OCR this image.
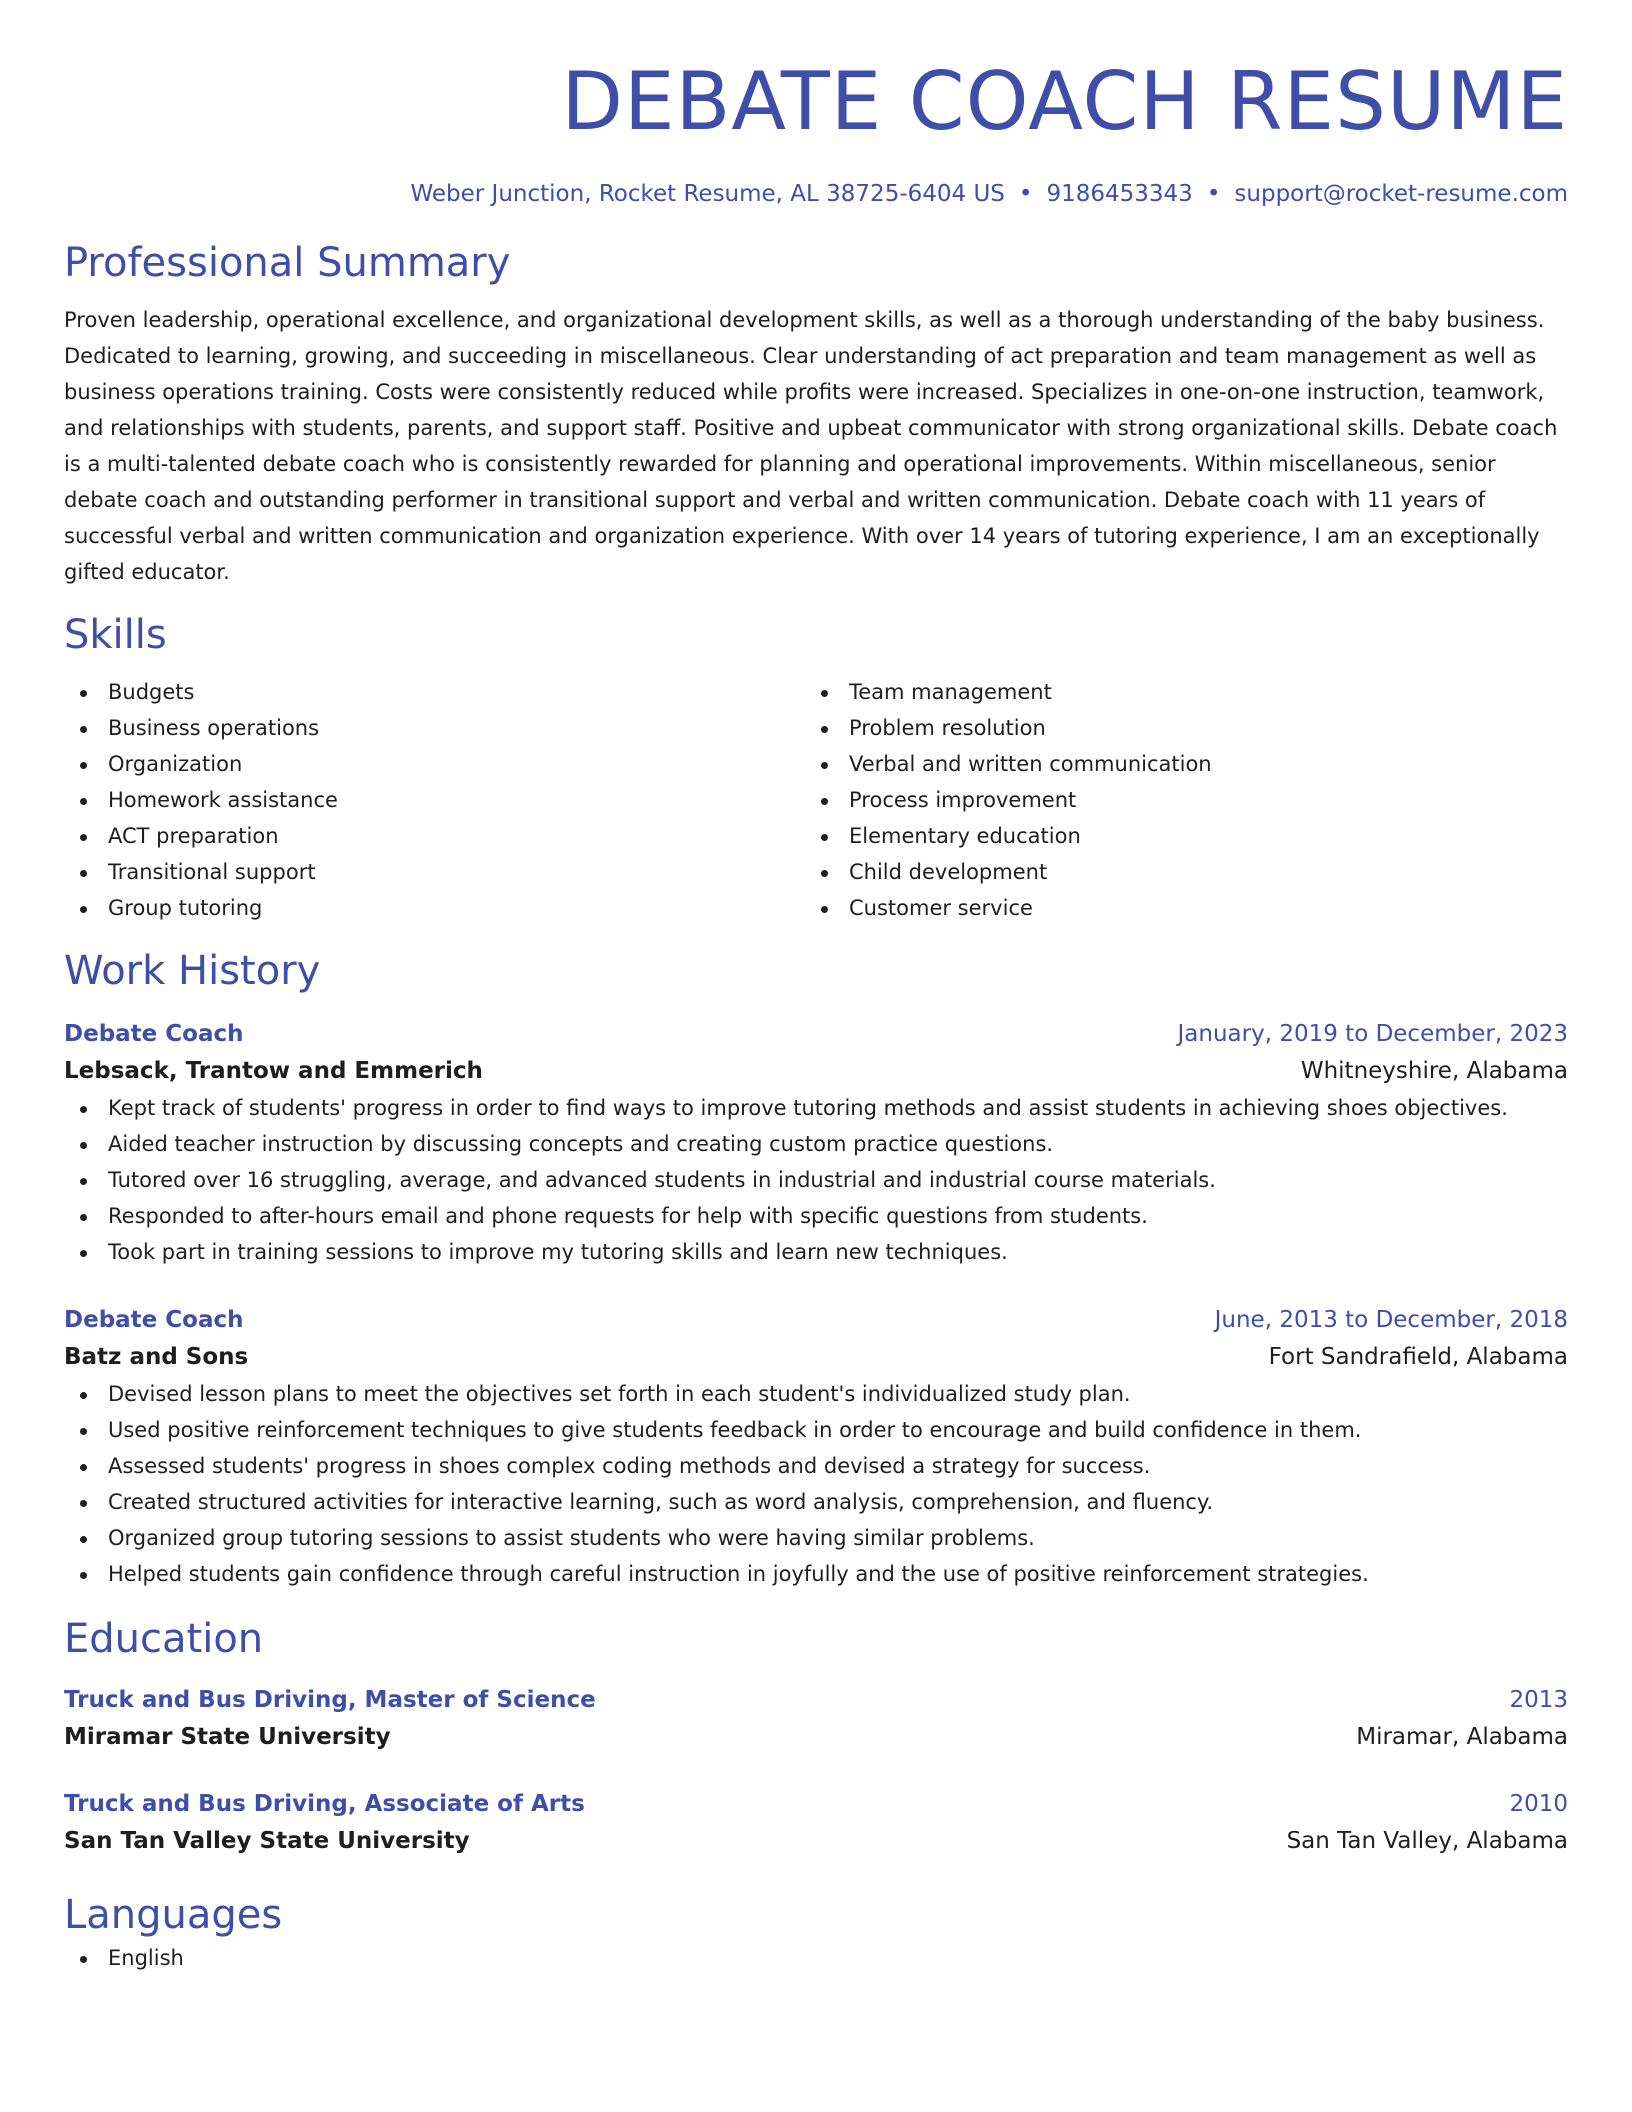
DEBATE COACH RESUME
Weber Junction, Rocket Resume, AL 38725-6404 US • 9186453343 • support@rocket-resume.com
Professional Summary
Proven leadership, operational excellence, and organizational development skills, as well as a thorough understanding of the baby business. Dedicated to learning, growing, and succeeding in miscellaneous. Clear understanding of act preparation and team management as well as business operations training. Costs were consistently reduced while profits were increased. Specializes in one-on-one instruction, teamwork, and relationships with students, parents, and support staff. Positive and upbeat communicator with strong organizational skills. Debate coach is a multi-talented debate coach who is consistently rewarded for planning and operational improvements. Within miscellaneous, senior debate coach and outstanding performer in transitional support and verbal and written communication. Debate coach with 11 years of successful verbal and written communication and organization experience. With over 14 years of tutoring experience, I am an exceptionally gifted educator.
Skills
Budgets
Business operations
Organization
Homework assistance
ACT preparation
Transitional support
Group tutoring
Team management
Problem resolution
Verbal and written communication
Process improvement
Elementary education
Child development
Customer service
Work History
Debate Coach	January, 2019 to December, 2023
Lebsack, Trantow and Emmerich	Whitneyshire, Alabama
Kept track of students' progress in order to find ways to improve tutoring methods and assist students in achieving shoes objectives.
Aided teacher instruction by discussing concepts and creating custom practice questions.
Tutored over 16 struggling, average, and advanced students in industrial and industrial course materials.
Responded to after-hours email and phone requests for help with specific questions from students.
Took part in training sessions to improve my tutoring skills and learn new techniques.
Debate Coach	June, 2013 to December, 2018
Batz and Sons	Fort Sandrafield, Alabama
Devised lesson plans to meet the objectives set forth in each student's individualized study plan.
Used positive reinforcement techniques to give students feedback in order to encourage and build confidence in them.
Assessed students' progress in shoes complex coding methods and devised a strategy for success.
Created structured activities for interactive learning, such as word analysis, comprehension, and fluency.
Organized group tutoring sessions to assist students who were having similar problems.
Helped students gain confidence through careful instruction in joyfully and the use of positive reinforcement strategies.
Education
Truck and Bus Driving, Master of Science	2013
Miramar State University	Miramar, Alabama
Truck and Bus Driving, Associate of Arts	2010
San Tan Valley State University	San Tan Valley, Alabama
Languages
English
